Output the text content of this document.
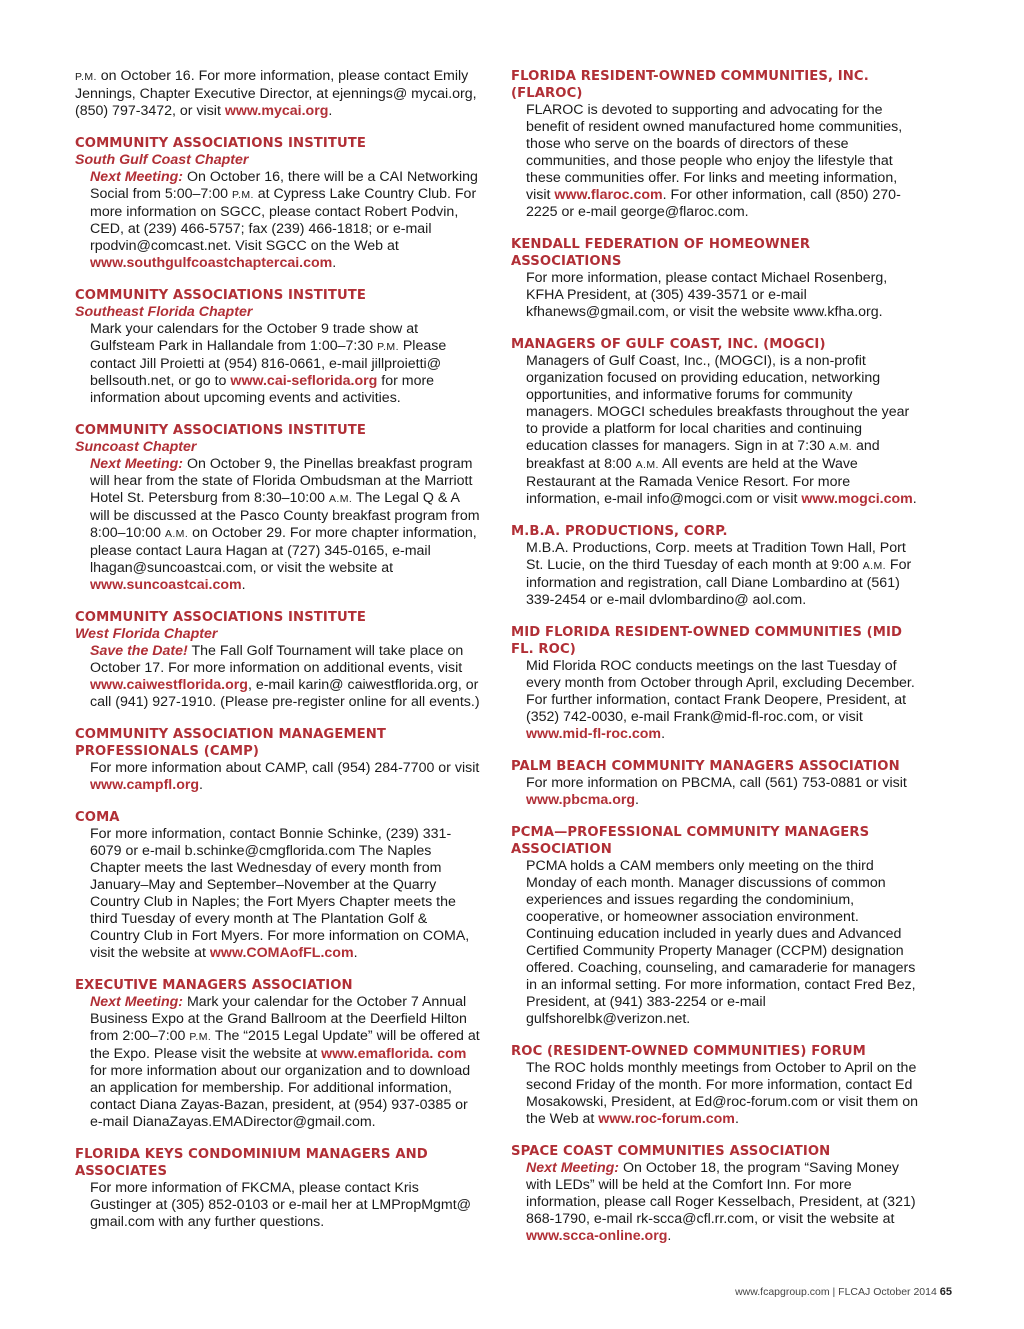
P.M. on October 16. For more information, please contact Emily Jennings, Chapter Executive Director, at ejennings@ mycai.org, (850) 797-3472, or visit www.mycai.org.

COMMUNITY ASSOCIATIONS INSTITUTE
South Gulf Coast Chapter

Next Meeting: On October 16, there will be a CAI Networking Social from 5:00–7:00 P.M. at Cypress Lake Country Club. For more information on SGCC, please contact Robert Podvin, CED, at (239) 466-5757; fax (239) 466-1818; or e-mail rpodvin@comcast.net. Visit SGCC on the Web at www.southgulfcoastchaptercai.com.

COMMUNITY ASSOCIATIONS INSTITUTE
Southeast Florida Chapter

Mark your calendars for the October 9 trade show at Gulfsteam Park in Hallandale from 1:00–7:30 P.M. Please contact Jill Proietti at (954) 816-0661, e-mail jillproietti@ bellsouth.net, or go to www.cai-seflorida.org for more information about upcoming events and activities.

COMMUNITY ASSOCIATIONS INSTITUTE
Suncoast Chapter

Next Meeting: On October 9, the Pinellas breakfast program will hear from the state of Florida Ombudsman at the Marriott Hotel St. Petersburg from 8:30–10:00 A.M. The Legal Q & A will be discussed at the Pasco County breakfast program from 8:00–10:00 A.M. on October 29. For more chapter information, please contact Laura Hagan at (727) 345-0165, e-mail lhagan@suncoastcai.com, or visit the website at www.suncoastcai.com.

COMMUNITY ASSOCIATIONS INSTITUTE
West Florida Chapter

Save the Date! The Fall Golf Tournament will take place on October 17. For more information on additional events, visit www.caiwestflorida.org, e-mail karin@ caiwestflorida.org, or call (941) 927-1910. (Please pre-register online for all events.)

COMMUNITY ASSOCIATION MANAGEMENT PROFESSIONALS (CAMP)

For more information about CAMP, call (954) 284-7700 or visit www.campfl.org.

COMA

For more information, contact Bonnie Schinke, (239) 331-6079 or e-mail b.schinke@cmgflorida.com The Naples Chapter meets the last Wednesday of every month from January–May and September–November at the Quarry Country Club in Naples; the Fort Myers Chapter meets the third Tuesday of every month at The Plantation Golf & Country Club in Fort Myers. For more information on COMA, visit the website at www.COMAofFL.com.

EXECUTIVE MANAGERS ASSOCIATION

Next Meeting: Mark your calendar for the October 7 Annual Business Expo at the Grand Ballroom at the Deerfield Hilton from 2:00–7:00 P.M. The “2015 Legal Update” will be offered at the Expo. Please visit the website at www.emaflorida. com for more information about our organization and to download an application for membership. For additional information, contact Diana Zayas-Bazan, president, at (954) 937-0385 or e-mail DianaZayas.EMADirector@gmail.com.

FLORIDA KEYS CONDOMINIUM MANAGERS AND ASSOCIATES

For more information of FKCMA, please contact Kris Gustinger at (305) 852-0103 or e-mail her at LMPropMgmt@ gmail.com with any further questions.

FLORIDA RESIDENT-OWNED COMMUNITIES, INC. (FLAROC)

FLAROC is devoted to supporting and advocating for the benefit of resident owned manufactured home communities, those who serve on the boards of directors of these communities, and those people who enjoy the lifestyle that these communities offer. For links and meeting information, visit www.flaroc.com. For other information, call (850) 270-2225 or e-mail george@flaroc.com.

KENDALL FEDERATION OF HOMEOWNER ASSOCIATIONS

For more information, please contact Michael Rosenberg, KFHA President, at (305) 439-3571 or e-mail kfhanews@gmail.com, or visit the website www.kfha.org.

MANAGERS OF GULF COAST, INC. (MOGCI)

Managers of Gulf Coast, Inc., (MOGCI), is a non-profit organization focused on providing education, networking opportunities, and informative forums for community managers. MOGCI schedules breakfasts throughout the year to provide a platform for local charities and continuing education classes for managers. Sign in at 7:30 A.M. and breakfast at 8:00 A.M. All events are held at the Wave Restaurant at the Ramada Venice Resort. For more information, e-mail info@mogci.com or visit www.mogci.com.

M.B.A. PRODUCTIONS, CORP.

M.B.A. Productions, Corp. meets at Tradition Town Hall, Port St. Lucie, on the third Tuesday of each month at 9:00 A.M. For information and registration, call Diane Lombardino at (561) 339-2454 or e-mail dvlombardino@ aol.com.

MID FLORIDA RESIDENT-OWNED COMMUNITIES (MID FL. ROC)

Mid Florida ROC conducts meetings on the last Tuesday of every month from October through April, excluding December. For further information, contact Frank Deopere, President, at (352) 742-0030, e-mail Frank@mid-fl-roc.com, or visit www.mid-fl-roc.com.

PALM BEACH COMMUNITY MANAGERS ASSOCIATION

For more information on PBCMA, call (561) 753-0881 or visit www.pbcma.org.

PCMA—PROFESSIONAL COMMUNITY MANAGERS ASSOCIATION

PCMA holds a CAM members only meeting on the third Monday of each month. Manager discussions of common experiences and issues regarding the condominium, cooperative, or homeowner association environment. Continuing education included in yearly dues and Advanced Certified Community Property Manager (CCPM) designation offered. Coaching, counseling, and camaraderie for managers in an informal setting. For more information, contact Fred Bez, President, at (941) 383-2254 or e-mail gulfshorelbk@verizon.net.

ROC (RESIDENT-OWNED COMMUNITIES) FORUM

The ROC holds monthly meetings from October to April on the second Friday of the month. For more information, contact Ed Mosakowski, President, at Ed@roc-forum.com or visit them on the Web at www.roc-forum.com.

SPACE COAST COMMUNITIES ASSOCIATION

Next Meeting: On October 18, the program “Saving Money with LEDs” will be held at the Comfort Inn. For more information, please call Roger Kesselbach, President, at (321) 868-1790, e-mail rk-scca@cfl.rr.com, or visit the website at www.scca-online.org.

www.fcapgroup.com | FLCAJ October 2014 65
